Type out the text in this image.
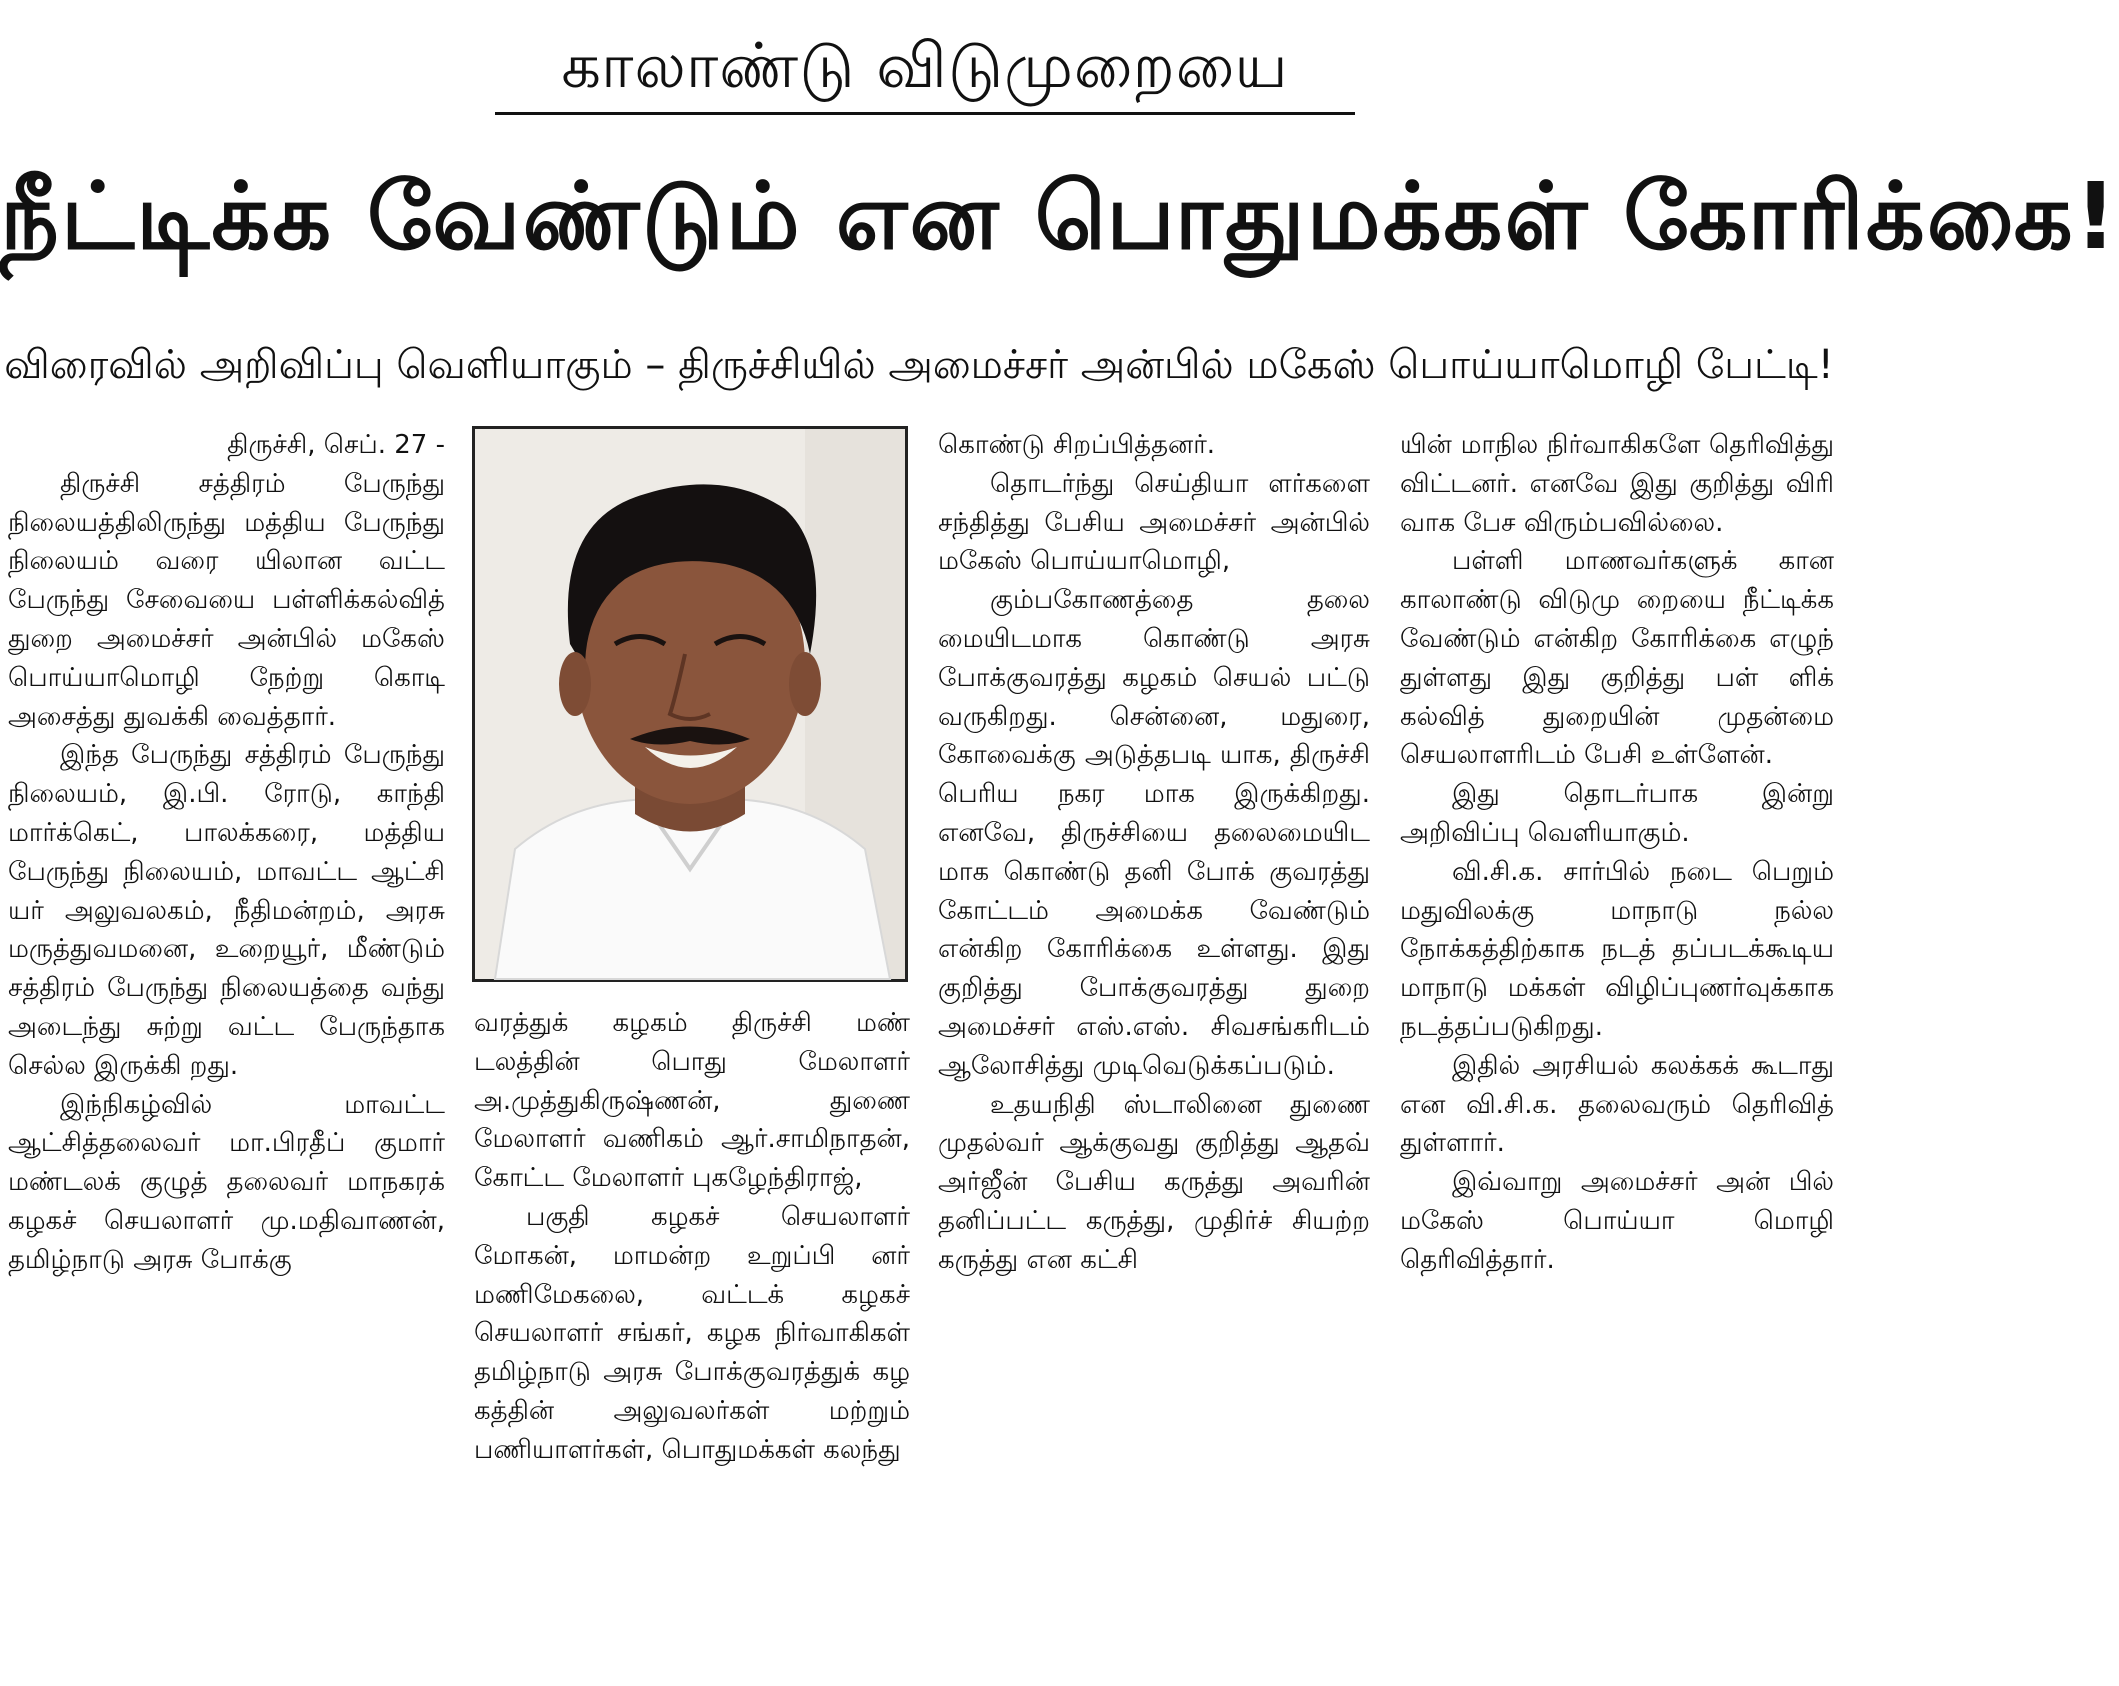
காலாண்டு விடுமுறையை
நீட்டிக்க வேண்டும் என பொதுமக்கள் கோரிக்கை!
விரைவில் அறிவிப்பு வெளியாகும் – திருச்சியில் அமைச்சர் அன்பில் மகேஸ் பொய்யாமொழி பேட்டி!

திருச்சி, செப். 27 -

திருச்சி சத்திரம் பேருந்து நிலையத்திலிருந்து மத்திய பேருந்து நிலையம் வரை யிலான வட்ட பேருந்து சேவையை பள்ளிக்கல்வித் துறை அமைச்சர் அன்பில் மகேஸ் பொய்யாமொழி நேற்று கொடி அசைத்து துவக்கி வைத்தார்.

இந்த பேருந்து சத்திரம் பேருந்து நிலையம், இ.பி. ரோடு, காந்தி மார்க்கெட், பாலக்கரை, மத்திய பேருந்து நிலையம், மாவட்ட ஆட்சி யர் அலுவலகம், நீதிமன்றம், அரசு மருத்துவமனை, உறையூர், மீண்டும் சத்திரம் பேருந்து நிலையத்தை வந்து அடைந்து சுற்று வட்ட பேருந்தாக செல்ல இருக்கி றது.

இந்நிகழ்வில் மாவட்ட ஆட்சித்தலைவர் மா.பிரதீப் குமார் மண்டலக் குழுத் தலைவர் மாநகரக் கழகச் செயலாளர் மு.மதிவாணன், தமிழ்நாடு அரசு போக்கு

வரத்துக் கழகம் திருச்சி மண் டலத்தின் பொது மேலாளர் அ.முத்துகிருஷ்ணன், துணை மேலாளர் வணிகம் ஆர்.சாமிநாதன், கோட்ட மேலாளர் புகழேந்திராஜ்,

பகுதி கழகச் செயலாளர் மோகன், மாமன்ற உறுப்பி னர் மணிமேகலை, வட்டக் கழகச் செயலாளர் சங்கர், கழக நிர்வாகிகள் தமிழ்நாடு அரசு போக்குவரத்துக் கழ கத்தின் அலுவலர்கள் மற்றும் பணியாளர்கள், பொதுமக்கள் கலந்து

கொண்டு சிறப்பித்தனர்.

தொடர்ந்து செய்தியா ளர்களை சந்தித்து பேசிய அமைச்சர் அன்பில் மகேஸ் பொய்யாமொழி,

கும்பகோணத்தை தலை மையிடமாக கொண்டு அரசு போக்குவரத்து கழகம் செயல் பட்டு வருகிறது. சென்னை, மதுரை, கோவைக்கு அடுத்தபடி யாக, திருச்சி பெரிய நகர மாக இருக்கிறது. எனவே, திருச்சியை தலைமையிட மாக கொண்டு தனி போக் குவரத்து கோட்டம் அமைக்க வேண்டும் என்கிற கோரிக்கை உள்ளது. இது குறித்து போக்குவரத்து துறை அமைச்சர் எஸ்.எஸ். சிவசங்கரிடம் ஆலோசித்து முடிவெடுக்கப்படும்.

உதயநிதி ஸ்டாலினை துணை முதல்வர் ஆக்குவது குறித்து ஆதவ் அர்ஜீன் பேசிய கருத்து அவரின் தனிப்பட்ட கருத்து, முதிர்ச் சியற்ற கருத்து என கட்சி

யின் மாநில நிர்வாகிகளே தெரிவித்து விட்டனர். எனவே இது குறித்து விரி வாக பேச விரும்பவில்லை.

பள்ளி மாணவர்களுக் கான காலாண்டு விடுமு றையை நீட்டிக்க வேண்டும் என்கிற கோரிக்கை எழுந் துள்ளது இது குறித்து பள் ளிக் கல்வித் துறையின் முதன்மை செயலாளரிடம் பேசி உள்ளேன்.

இது தொடர்பாக இன்று அறிவிப்பு வெளியாகும்.

வி.சி.க. சார்பில் நடை பெறும் மதுவிலக்கு மாநாடு நல்ல நோக்கத்திற்காக நடத் தப்படக்கூடிய மாநாடு மக்கள் விழிப்புணர்வுக்காக நடத்தப்படுகிறது.

இதில் அரசியல் கலக்கக் கூடாது என வி.சி.க. தலைவரும் தெரிவித் துள்ளார்.

இவ்வாறு அமைச்சர் அன் பில் மகேஸ் பொய்யா மொழி தெரிவித்தார்.
